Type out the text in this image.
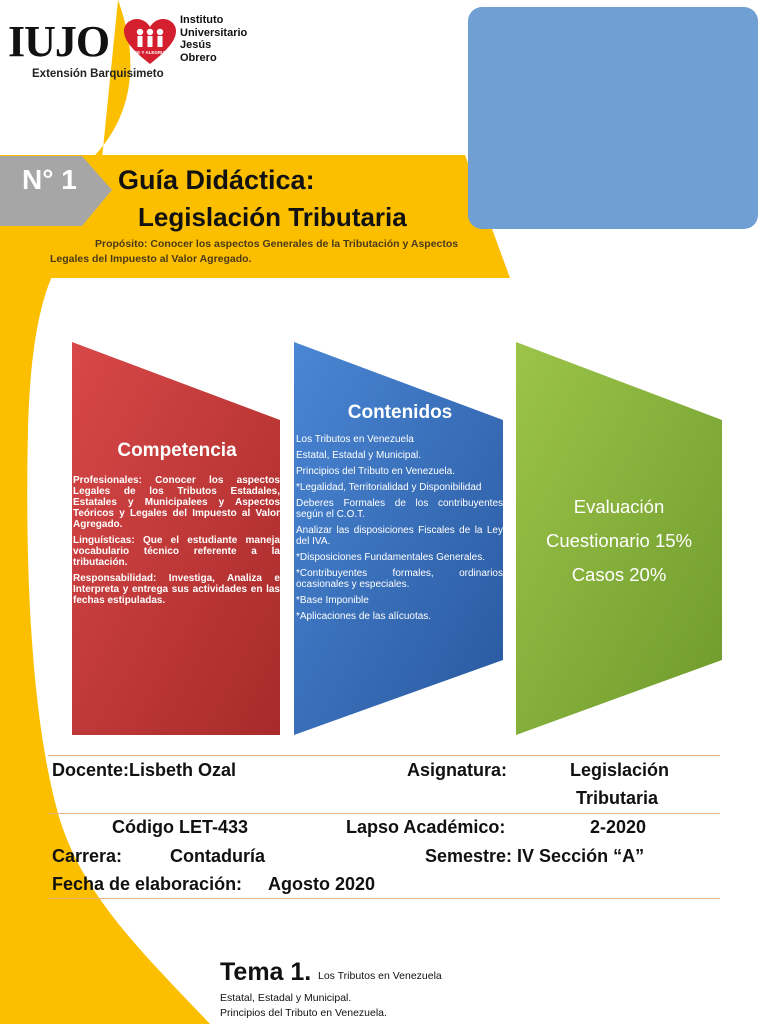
IUJO	FE Y ALEGRIA
Instituto
Universitario
Jesús
Obrero
Extensión Barquisimeto
N° 1 Guía Didáctica:
Legislación Tributaria
Propósito: Conocer los aspectos Generales de la Tributación y Aspectos Legales del Impuesto al Valor Agregado.
Competencia

Profesionales: Conocer los aspectos Legales de los Tributos Estadales, Estatales y Municipalees y Aspectos Teóricos y Legales del Impuesto al Valor Agregado.

Linguísticas: Que el estudiante maneja vocabulario técnico referente a la tributación.

Responsabilidad: Investiga, Analiza e Interpreta y entrega sus actividades en las fechas estipuladas.

Contenidos

Los Tributos en Venezuela

Estatal, Estadal y Municipal.

Principios del Tributo en Venezuela.

*Legalidad, Territorialidad y Disponibilidad

Deberes Formales de los contribuyentes según el C.O.T.

Analizar las disposiciones Fiscales de la Ley del IVA.

*Disposiciones Fundamentales Generales.

*Contribuyentes formales, ordinarios ocasionales y especiales.

*Base Imponible

*Aplicaciones de las alícuotas.

Evaluación
Cuestionario 15%
Casos 20%
Docente:Lisbeth Ozal	Asignatura:	Legislación
Tributaria
Código LET-433	Lapso Académico:	2-2020
Carrera:	Contaduría	Semestre: IV Sección “A”
Fecha de elaboración: Agosto 2020
Tema 1. Los Tributos en Venezuela
Estatal, Estadal y Municipal.
Principios del Tributo en Venezuela.
